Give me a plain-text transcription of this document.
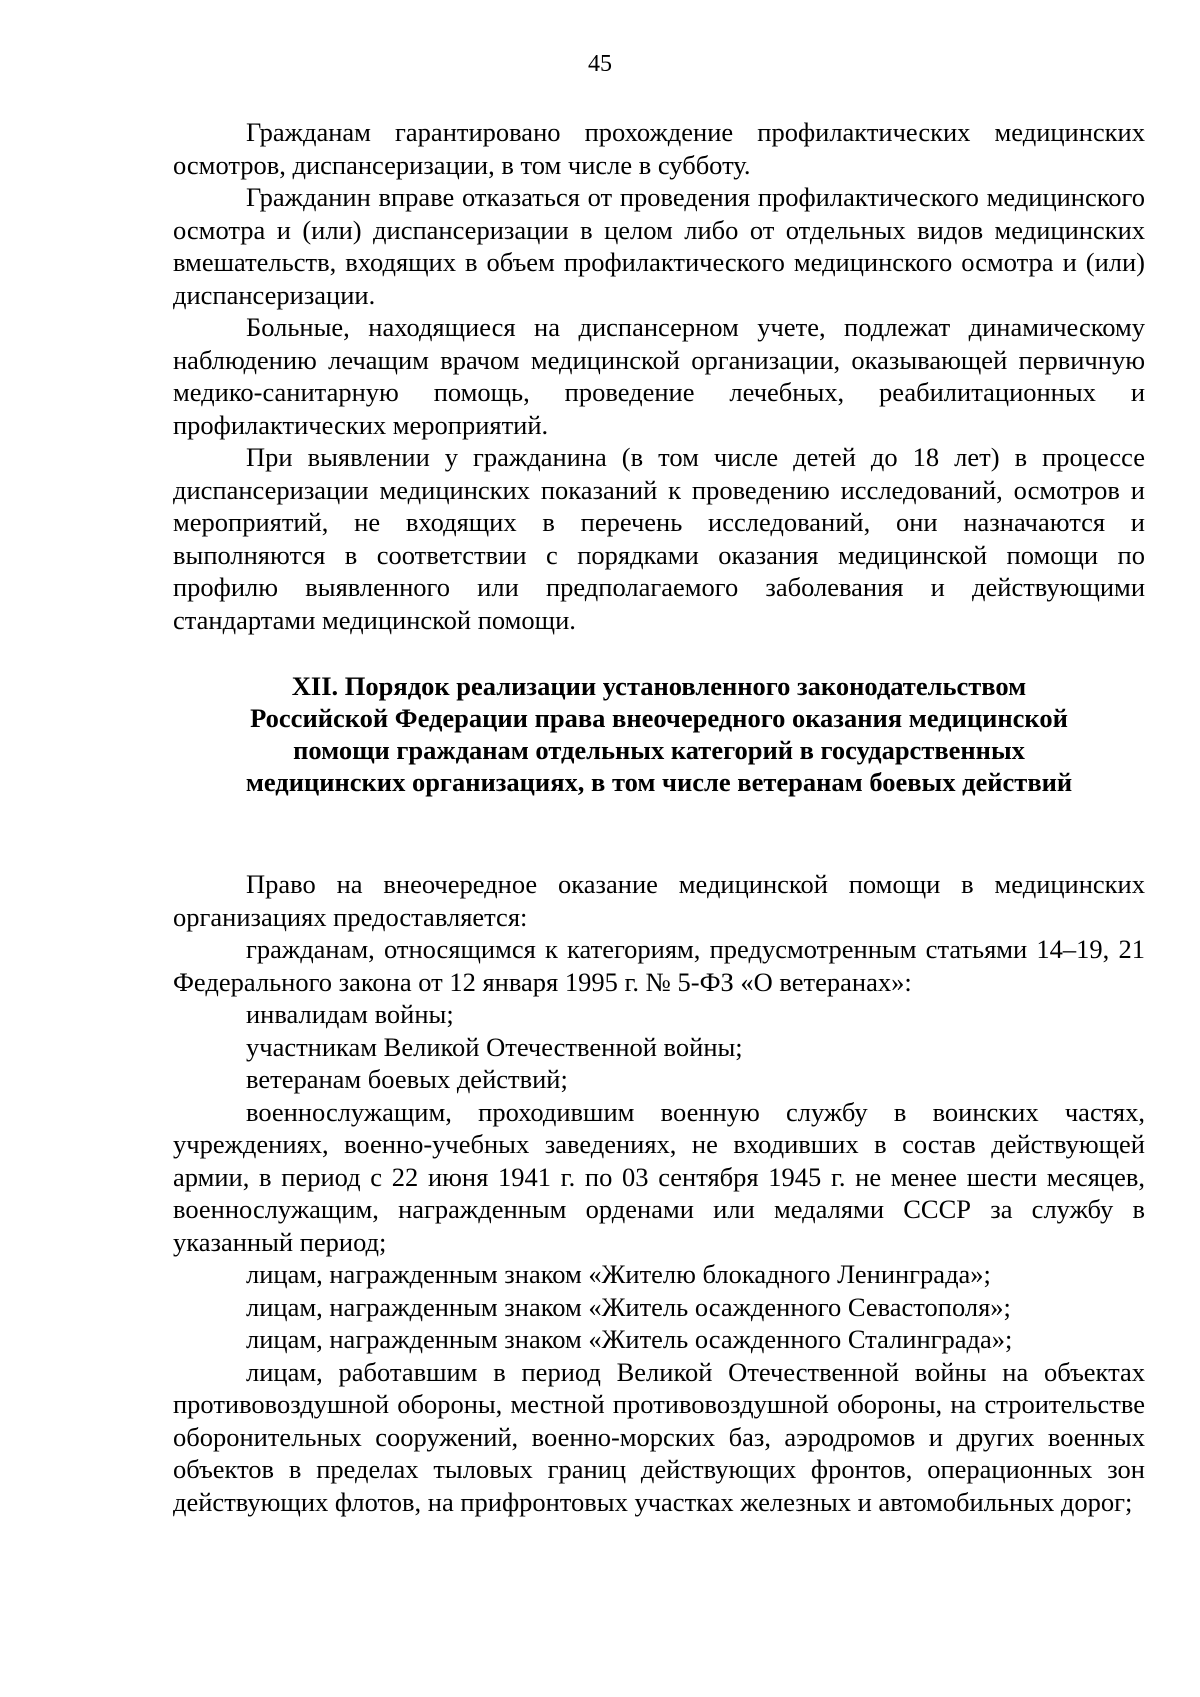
45

Гражданам гарантировано прохождение профилактических медицинских осмотров, диспансеризации, в том числе в субботу.

Гражданин вправе отказаться от проведения профилактического медицинского осмотра и (или) диспансеризации в целом либо от отдельных видов медицинских вмешательств, входящих в объем профилактического медицинского осмотра и (или) диспансеризации.

Больные, находящиеся на диспансерном учете, подлежат динамическому наблюдению лечащим врачом медицинской организации, оказывающей первичную медико-санитарную помощь, проведение лечебных, реабилитационных и профилактических мероприятий.

При выявлении у гражданина (в том числе детей до 18 лет) в процессе диспансеризации медицинских показаний к проведению исследований, осмотров и мероприятий, не входящих в перечень исследований, они назначаются и выполняются в соответствии с порядками оказания медицинской помощи по профилю выявленного или предполагаемого заболевания и действующими стандартами медицинской помощи.

XII. Порядок реализации установленного законодательством
Российской Федерации права внеочередного оказания медицинской
помощи гражданам отдельных категорий в государственных
медицинских организациях, в том числе ветеранам боевых действий

Право на внеочередное оказание медицинской помощи в медицинских организациях предоставляется:

гражданам, относящимся к категориям, предусмотренным статьями 14–19, 21 Федерального закона от 12 января 1995 г. № 5-ФЗ «О ветеранах»:

инвалидам войны;

участникам Великой Отечественной войны;

ветеранам боевых действий;

военнослужащим, проходившим военную службу в воинских частях, учреждениях, военно-учебных заведениях, не входивших в состав действующей армии, в период с 22 июня 1941 г. по 03 сентября 1945 г. не менее шести месяцев, военнослужащим, награжденным орденами или медалями СССР за службу в указанный период;

лицам, награжденным знаком «Жителю блокадного Ленинграда»;

лицам, награжденным знаком «Житель осажденного Севастополя»;

лицам, награжденным знаком «Житель осажденного Сталинграда»;

лицам, работавшим в период Великой Отечественной войны на объектах противовоздушной обороны, местной противовоздушной обороны, на строительстве оборонительных сооружений, военно-морских баз, аэродромов и других военных объектов в пределах тыловых границ действующих фронтов, операционных зон действующих флотов, на прифронтовых участках железных и автомобильных дорог;
